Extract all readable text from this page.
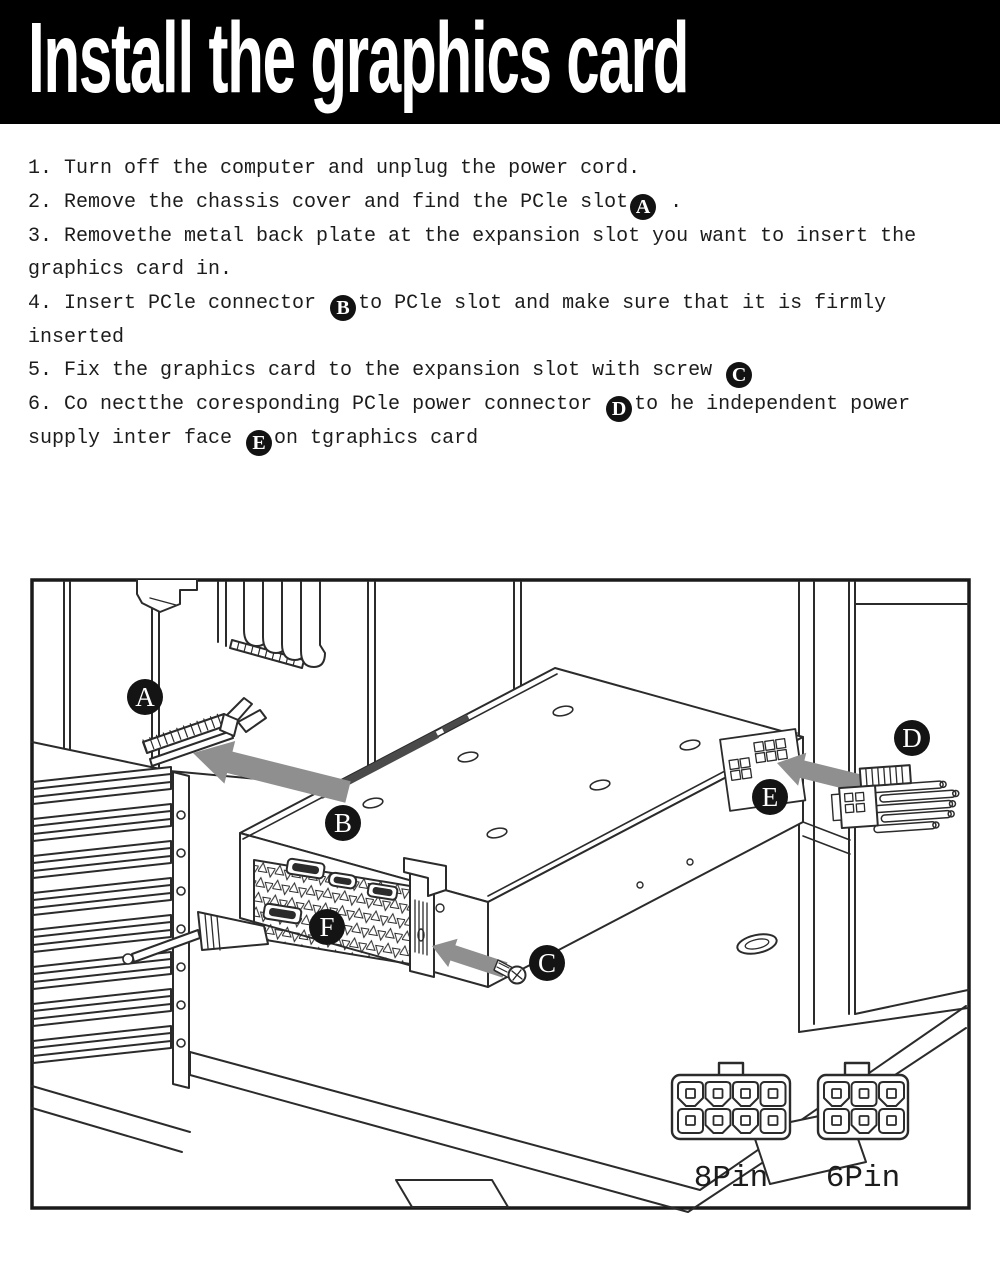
Install the graphics card
1. Turn off the computer and unplug the power cord.
2. Remove the chassis cover and find the PCle slot A .
3. Removethe metal back plate at the expansion slot you want to insert the
graphics card in.
4. Insert PCle connector B to PCle slot and make sure that it is firmly
inserted
5. Fix the graphics card to the expansion slot with screw C
6. Co nectthe coresponding PCle power connector D to he independent power
supply inter face E on tgraphics card
A
B
C
D
E
F
8Pin 6Pin
